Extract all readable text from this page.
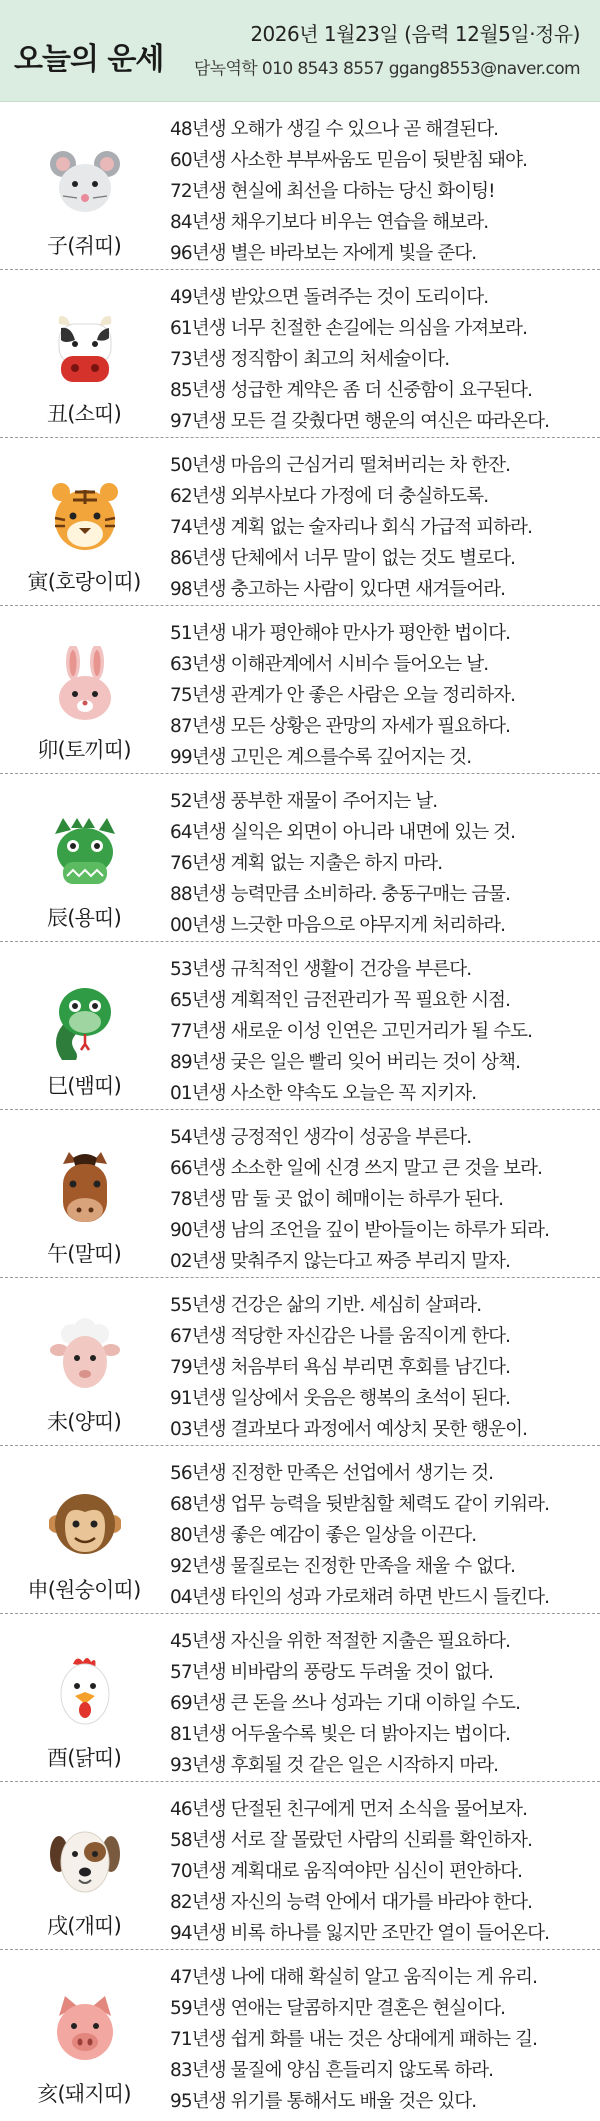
오늘의 운세
2026년 1월23일 (음력 12월5일·정유)
담녹역학 010 8543 8557 ggang8553@naver.com
子(쥐띠)
48년생 오해가 생길 수 있으나 곧 해결된다.
60년생 사소한 부부싸움도 믿음이 뒷받침 돼야.
72년생 현실에 최선을 다하는 당신 화이팅!
84년생 채우기보다 비우는 연습을 해보라.
96년생 별은 바라보는 자에게 빛을 준다.
丑(소띠)
49년생 받았으면 돌려주는 것이 도리이다.
61년생 너무 친절한 손길에는 의심을 가져보라.
73년생 정직함이 최고의 처세술이다.
85년생 성급한 계약은 좀 더 신중함이 요구된다.
97년생 모든 걸 갖췄다면 행운의 여신은 따라온다.
寅(호랑이띠)
50년생 마음의 근심거리 떨쳐버리는 차 한잔.
62년생 외부사보다 가정에 더 충실하도록.
74년생 계획 없는 술자리나 회식 가급적 피하라.
86년생 단체에서 너무 말이 없는 것도 별로다.
98년생 충고하는 사람이 있다면 새겨들어라.
卯(토끼띠)
51년생 내가 평안해야 만사가 평안한 법이다.
63년생 이해관계에서 시비수 들어오는 날.
75년생 관계가 안 좋은 사람은 오늘 정리하자.
87년생 모든 상황은 관망의 자세가 필요하다.
99년생 고민은 계으를수록 깊어지는 것.
辰(용띠)
52년생 풍부한 재물이 주어지는 날.
64년생 실익은 외면이 아니라 내면에 있는 것.
76년생 계획 없는 지출은 하지 마라.
88년생 능력만큼 소비하라. 충동구매는 금물.
00년생 느긋한 마음으로 야무지게 처리하라.
巳(뱀띠)
53년생 규칙적인 생활이 건강을 부른다.
65년생 계획적인 금전관리가 꼭 필요한 시점.
77년생 새로운 이성 인연은 고민거리가 될 수도.
89년생 궂은 일은 빨리 잊어 버리는 것이 상책.
01년생 사소한 약속도 오늘은 꼭 지키자.
午(말띠)
54년생 긍정적인 생각이 성공을 부른다.
66년생 소소한 일에 신경 쓰지 말고 큰 것을 보라.
78년생 맘 둘 곳 없이 헤매이는 하루가 된다.
90년생 남의 조언을 깊이 받아들이는 하루가 되라.
02년생 맞춰주지 않는다고 짜증 부리지 말자.
未(양띠)
55년생 건강은 삶의 기반. 세심히 살펴라.
67년생 적당한 자신감은 나를 움직이게 한다.
79년생 처음부터 욕심 부리면 후회를 남긴다.
91년생 일상에서 웃음은 행복의 초석이 된다.
03년생 결과보다 과정에서 예상치 못한 행운이.
申(원숭이띠)
56년생 진정한 만족은 선업에서 생기는 것.
68년생 업무 능력을 뒷받침할 체력도 같이 키워라.
80년생 좋은 예감이 좋은 일상을 이끈다.
92년생 물질로는 진정한 만족을 채울 수 없다.
04년생 타인의 성과 가로채려 하면 반드시 들킨다.
酉(닭띠)
45년생 자신을 위한 적절한 지출은 필요하다.
57년생 비바람의 풍랑도 두려울 것이 없다.
69년생 큰 돈을 쓰나 성과는 기대 이하일 수도.
81년생 어두울수록 빛은 더 밝아지는 법이다.
93년생 후회될 것 같은 일은 시작하지 마라.
戌(개띠)
46년생 단절된 친구에게 먼저 소식을 물어보자.
58년생 서로 잘 몰랐던 사람의 신뢰를 확인하자.
70년생 계획대로 움직여야만 심신이 편안하다.
82년생 자신의 능력 안에서 대가를 바라야 한다.
94년생 비록 하나를 잃지만 조만간 열이 들어온다.
亥(돼지띠)
47년생 나에 대해 확실히 알고 움직이는 게 유리.
59년생 연애는 달콤하지만 결혼은 현실이다.
71년생 쉽게 화를 내는 것은 상대에게 패하는 길.
83년생 물질에 양심 흔들리지 않도록 하라.
95년생 위기를 통해서도 배울 것은 있다.
